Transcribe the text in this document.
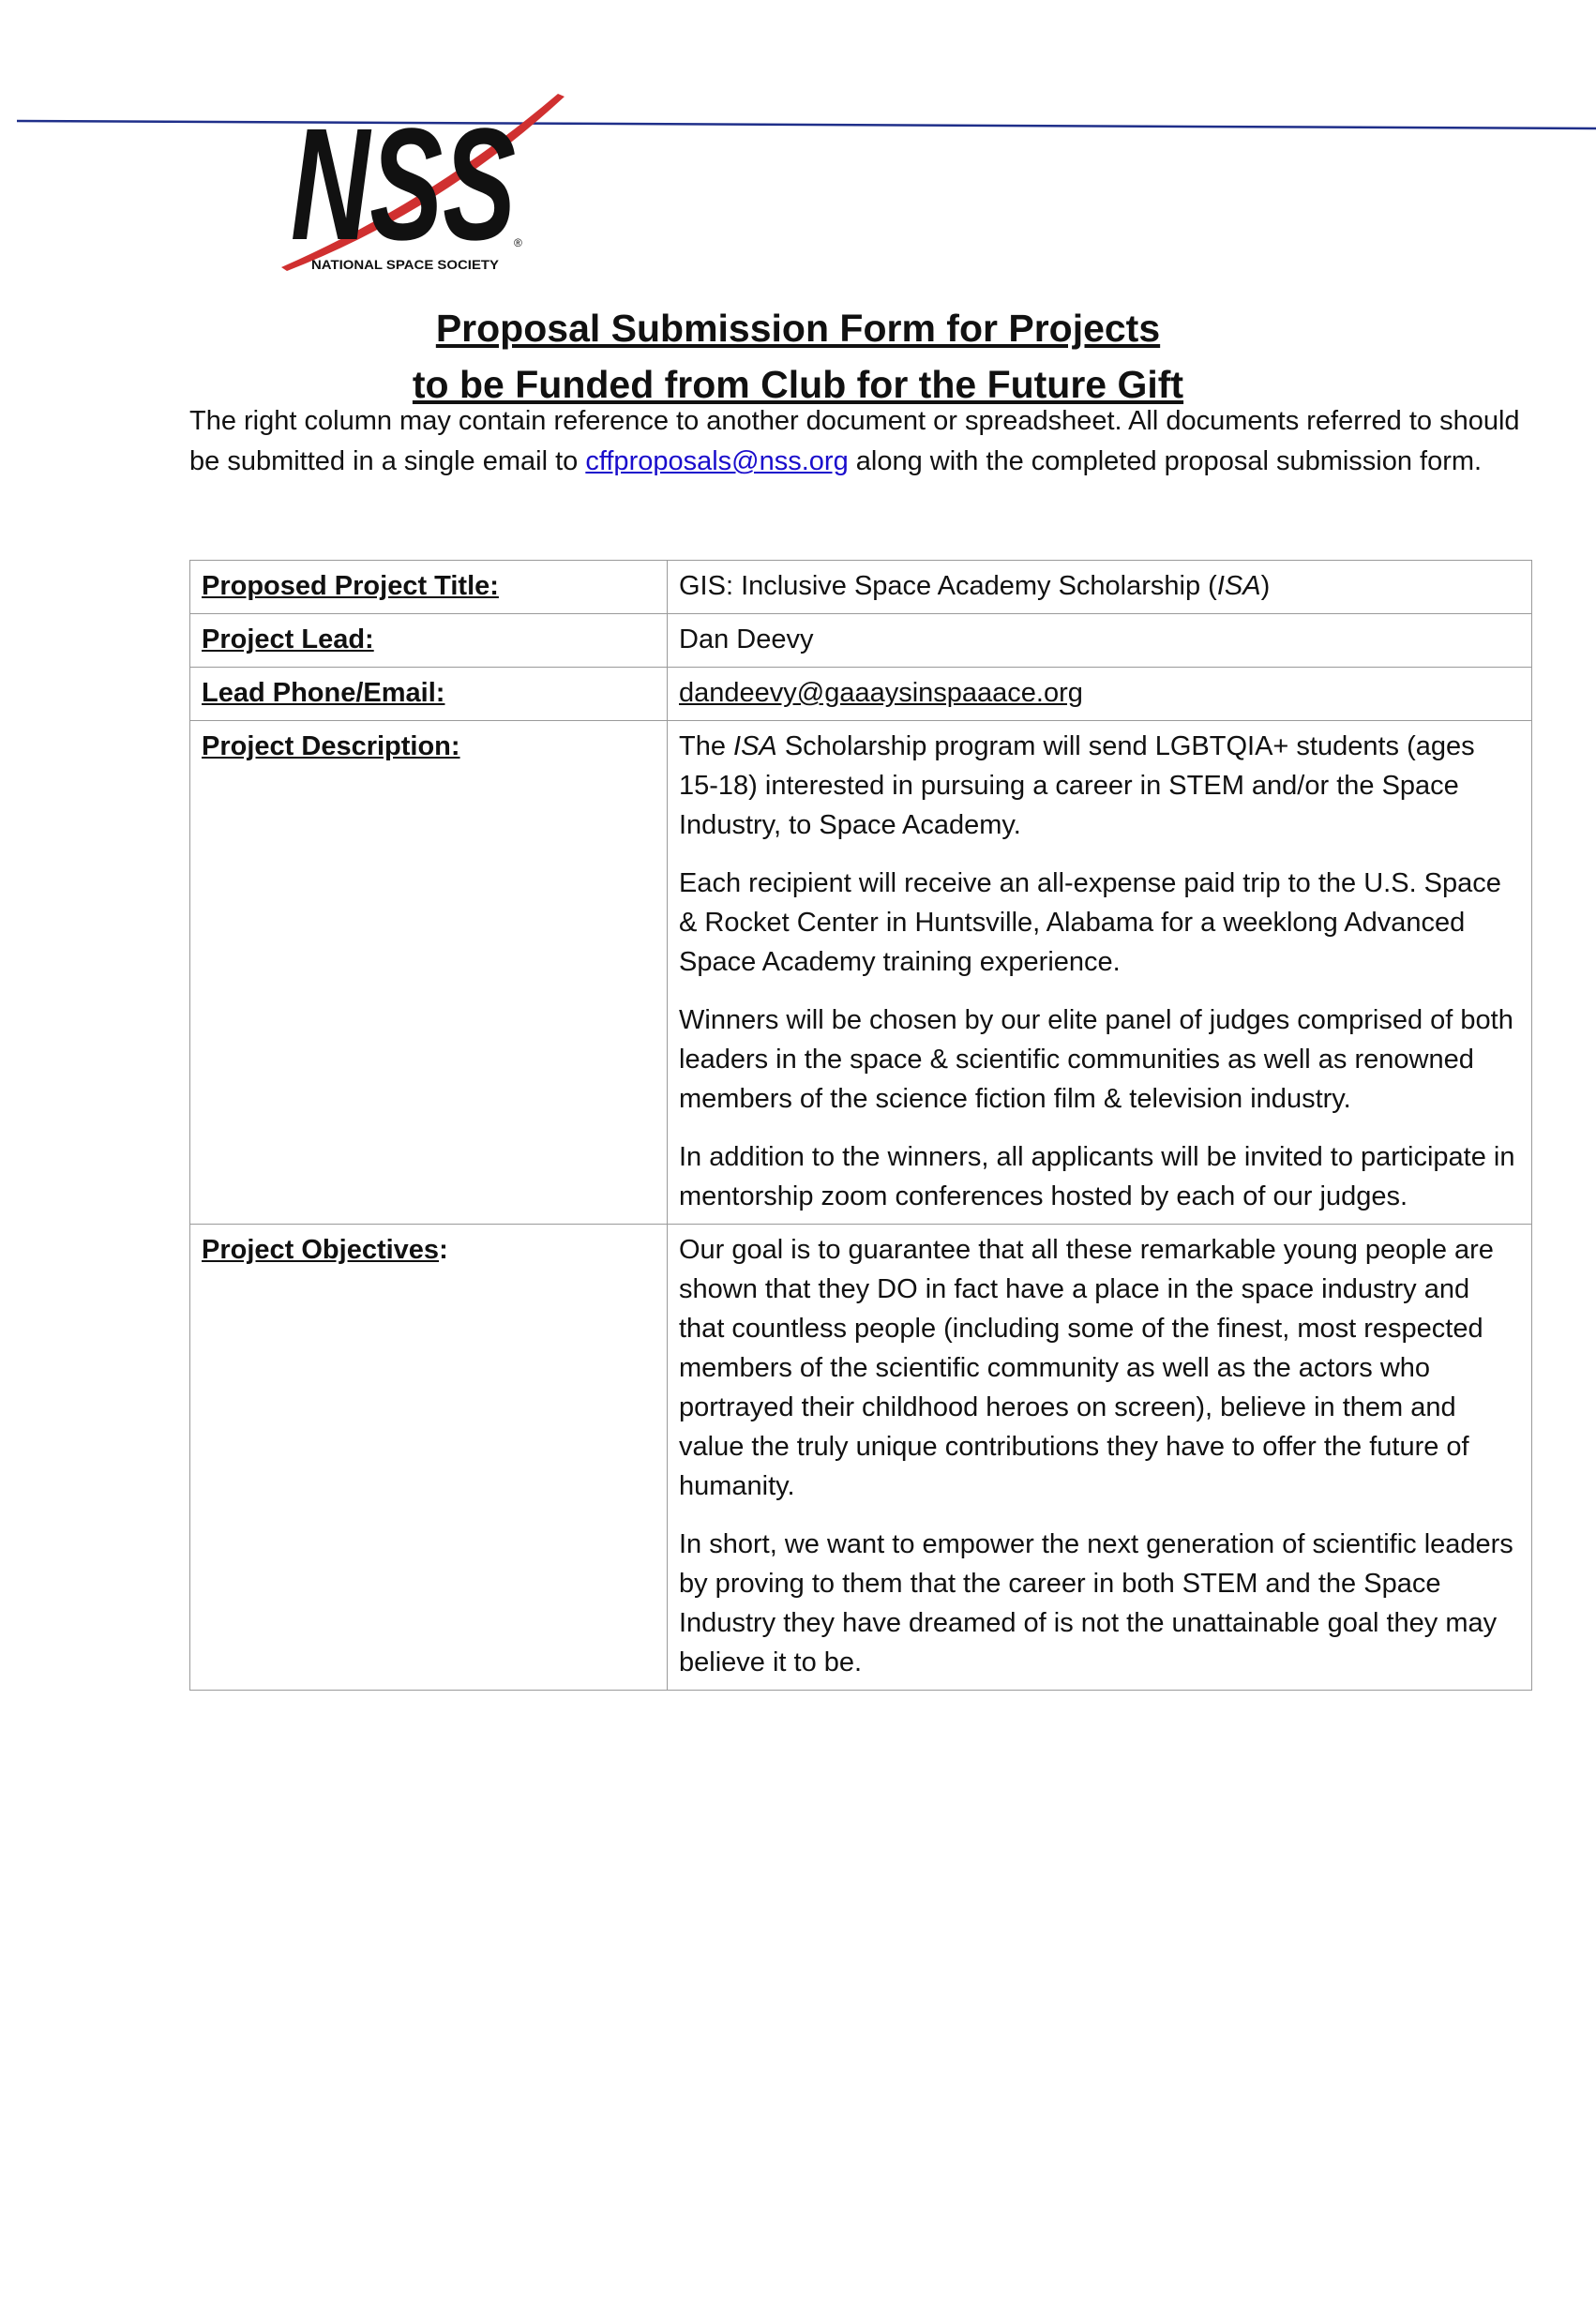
NSS
®
NATIONAL SPACE SOCIETY
Proposal Submission Form for Projects
to be Funded from Club for the Future Gift

The right column may contain reference to another document or spreadsheet. All documents referred to should be submitted in a single email to cffproposals@nss.org along with the completed proposal submission form.

Proposed Project Title:	GIS: Inclusive Space Academy Scholarship (ISA)
Project Lead:	Dan Deevy
Lead Phone/Email:	dandeevy@gaaaysinspaaace.org
Project Description:	The ISA Scholarship program will send LGBTQIA+ students (ages 15-18) interested in pursuing a career in STEM and/or the Space Industry, to Space Academy.

Each recipient will receive an all-expense paid trip to the U.S. Space & Rocket Center in Huntsville, Alabama for a weeklong Advanced Space Academy training experience.

Winners will be chosen by our elite panel of judges comprised of both leaders in the space & scientific communities as well as renowned members of the science fiction film & television industry.

In addition to the winners, all applicants will be invited to participate in mentorship zoom conferences hosted by each of our judges.

Project Objectives:	Our goal is to guarantee that all these remarkable young people are shown that they DO in fact have a place in the space industry and that countless people (including some of the finest, most respected members of the scientific community as well as the actors who portrayed their childhood heroes on screen), believe in them and value the truly unique contributions they have to offer the future of humanity.

In short, we want to empower the next generation of scientific leaders by proving to them that the career in both STEM and the Space Industry they have dreamed of is not the unattainable goal they may believe it to be.
